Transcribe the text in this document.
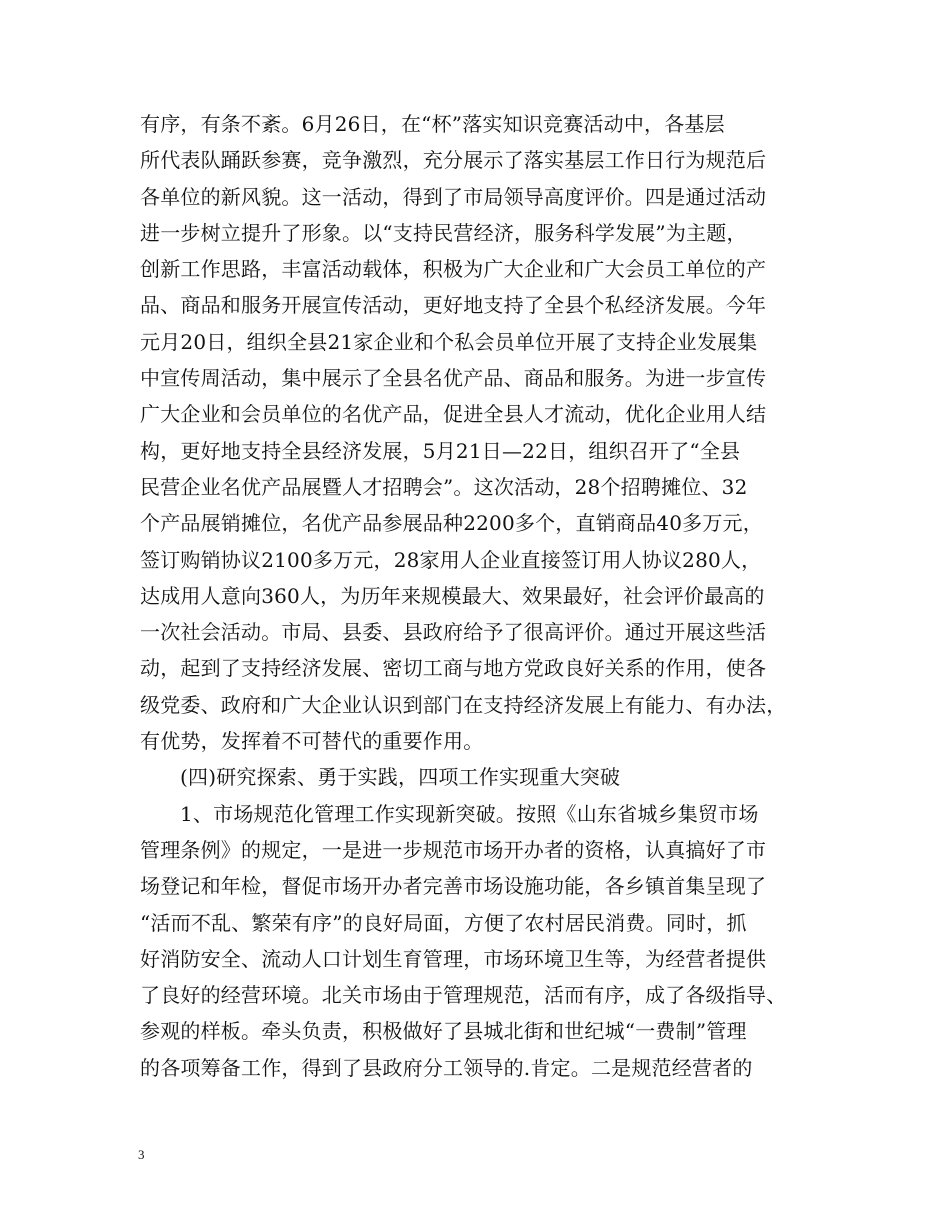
有序，有条不紊。6月26日，在“杯”落实知识竞赛活动中，各基层
所代表队踊跃参赛，竞争激烈，充分展示了落实基层工作日行为规范后
各单位的新风貌。这一活动，得到了市局领导高度评价。四是通过活动
进一步树立提升了形象。以“支持民营经济，服务科学发展”为主题，
创新工作思路，丰富活动载体，积极为广大企业和广大会员工单位的产
品、商品和服务开展宣传活动，更好地支持了全县个私经济发展。今年
元月20日，组织全县21家企业和个私会员单位开展了支持企业发展集
中宣传周活动，集中展示了全县名优产品、商品和服务。为进一步宣传
广大企业和会员单位的名优产品，促进全县人才流动，优化企业用人结
构，更好地支持全县经济发展，5月21日—22日，组织召开了“全县
民营企业名优产品展暨人才招聘会”。这次活动，28个招聘摊位、32
个产品展销摊位，名优产品参展品种2200多个，直销商品40多万元，
签订购销协议2100多万元，28家用人企业直接签订用人协议280人，
达成用人意向360人，为历年来规模最大、效果最好，社会评价最高的
一次社会活动。市局、县委、县政府给予了很高评价。通过开展这些活
动，起到了支持经济发展、密切工商与地方党政良好关系的作用，使各
级党委、政府和广大企业认识到部门在支持经济发展上有能力、有办法，
有优势，发挥着不可替代的重要作用。
(四)研究探索、勇于实践，四项工作实现重大突破
1、市场规范化管理工作实现新突破。按照《山东省城乡集贸市场
管理条例》的规定，一是进一步规范市场开办者的资格，认真搞好了市
场登记和年检，督促市场开办者完善市场设施功能，各乡镇首集呈现了
“活而不乱、繁荣有序”的良好局面，方便了农村居民消费。同时，抓
好消防安全、流动人口计划生育管理，市场环境卫生等，为经营者提供
了良好的经营环境。北关市场由于管理规范，活而有序，成了各级指导、
参观的样板。牵头负责，积极做好了县城北街和世纪城“一费制”管理
的各项筹备工作，得到了县政府分工领导的.肯定。二是规范经营者的
3
